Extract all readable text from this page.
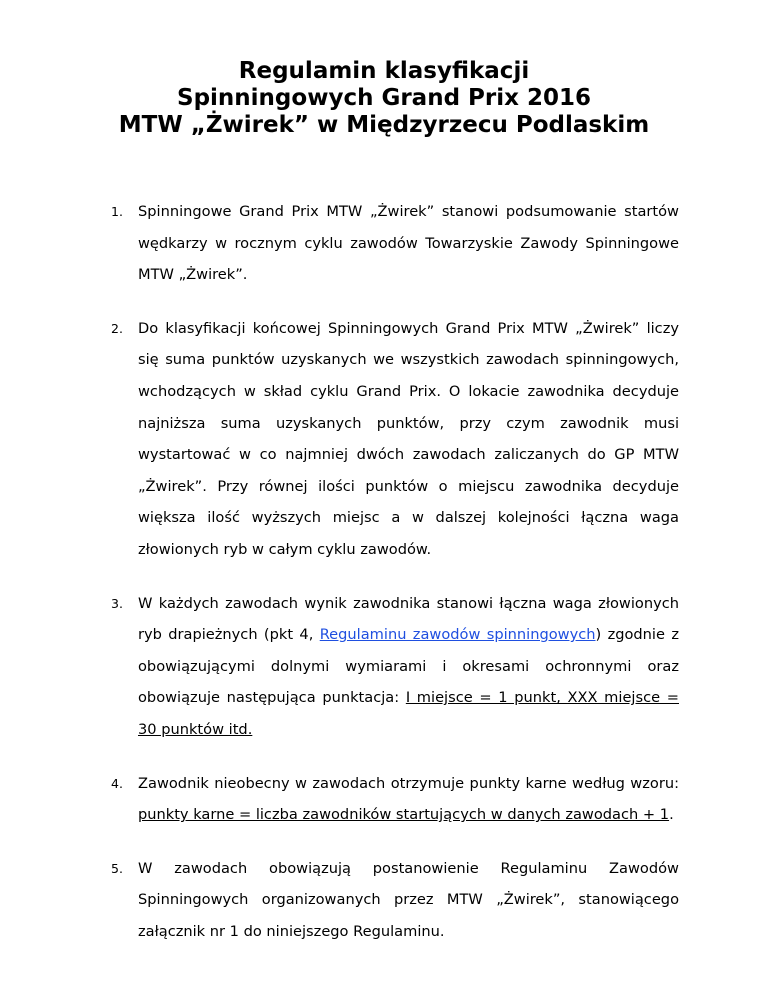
Regulamin klasyfikacji
Spinningowych Grand Prix 2016
MTW „Żwirek” w Międzyrzecu Podlaskim
1. Spinningowe Grand Prix MTW „Żwirek” stanowi podsumowanie startów wędkarzy w rocznym cyklu zawodów Towarzyskie Zawody Spinningowe MTW „Żwirek”.
2. Do klasyfikacji końcowej Spinningowych Grand Prix MTW „Żwirek” liczy się suma punktów uzyskanych we wszystkich zawodach spinningowych, wchodzących w skład cyklu Grand Prix. O lokacie zawodnika decyduje najniższa suma uzyskanych punktów, przy czym zawodnik musi wystartować w co najmniej dwóch zawodach zaliczanych do GP MTW „Żwirek”. Przy równej ilości punktów o miejscu zawodnika decyduje większa ilość wyższych miejsc a w dalszej kolejności łączna waga złowionych ryb w całym cyklu zawodów.
3. W każdych zawodach wynik zawodnika stanowi łączna waga złowionych ryb drapieżnych (pkt 4, Regulaminu zawodów spinningowych) zgodnie z obowiązującymi dolnymi wymiarami i okresami ochronnymi oraz obowiązuje następująca punktacja: I miejsce = 1 punkt, XXX miejsce = 30 punktów itd.
4. Zawodnik nieobecny w zawodach otrzymuje punkty karne według wzoru: punkty karne = liczba zawodników startujących w danych zawodach + 1.
5. W zawodach obowiązują postanowienie Regulaminu Zawodów Spinningowych organizowanych przez MTW „Żwirek”, stanowiącego załącznik nr 1 do niniejszego Regulaminu.
